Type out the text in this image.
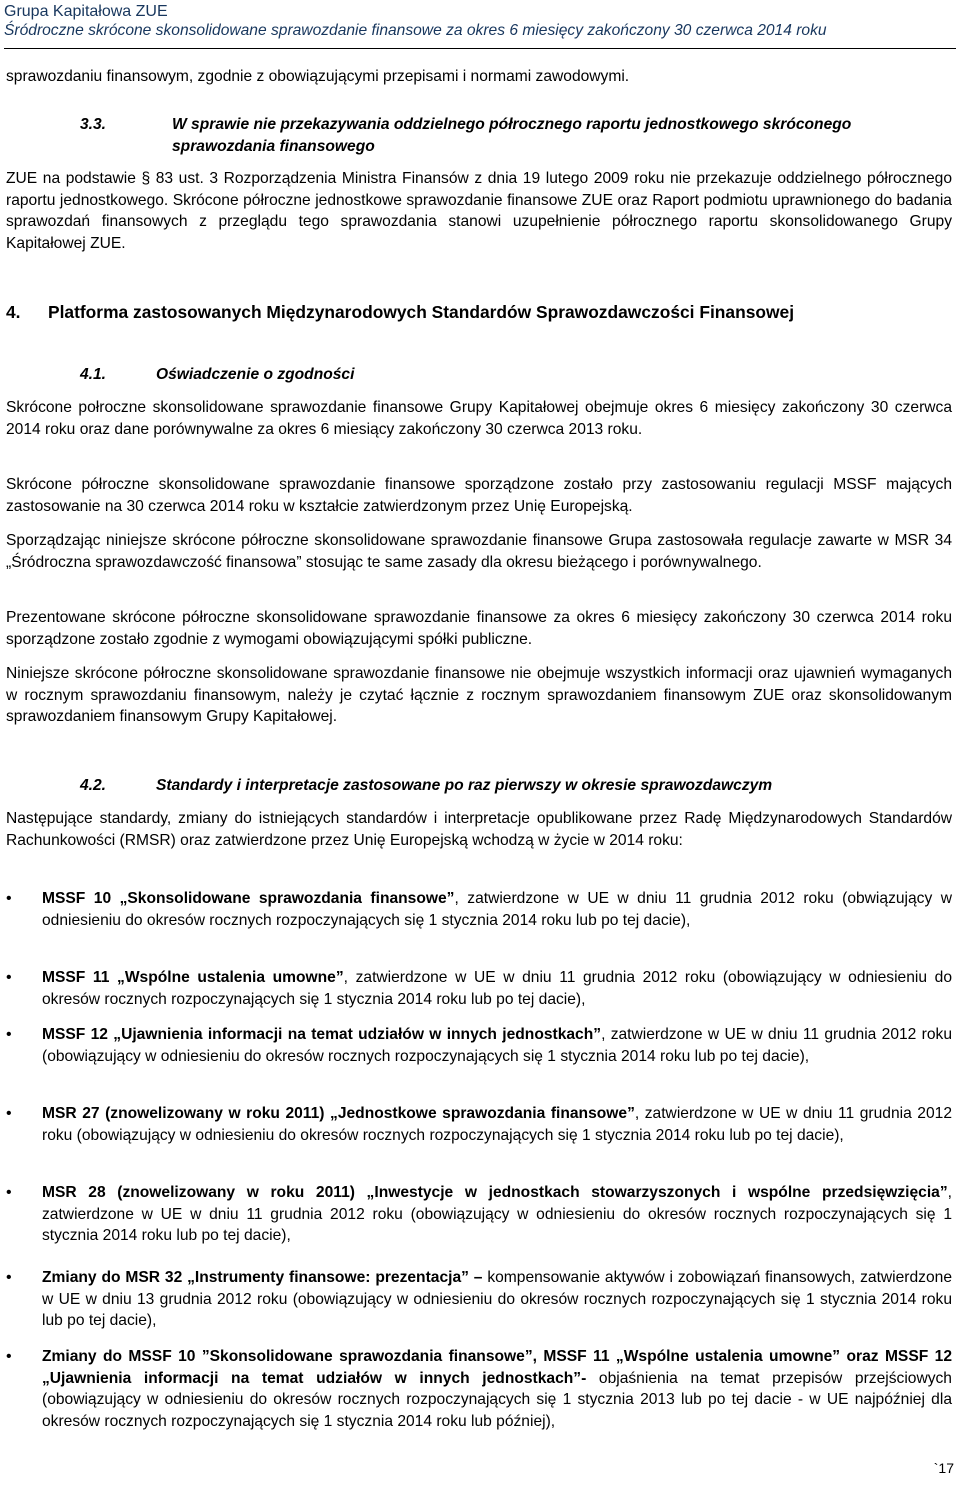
Grupa Kapitałowa ZUE
Śródroczne skrócone skonsolidowane sprawozdanie finansowe za okres 6 miesięcy zakończony 30 czerwca 2014 roku

sprawozdaniu finansowym, zgodnie z obowiązującymi przepisami i normami zawodowymi.

3.3.	W sprawie nie przekazywania oddzielnego półrocznego raportu jednostkowego skróconego sprawozdania finansowego

ZUE na podstawie § 83 ust. 3 Rozporządzenia Ministra Finansów z dnia 19 lutego 2009 roku nie przekazuje oddzielnego półrocznego raportu jednostkowego. Skrócone półroczne jednostkowe sprawozdanie finansowe ZUE oraz Raport podmiotu uprawnionego do badania sprawozdań finansowych z przeglądu tego sprawozdania stanowi uzupełnienie półrocznego raportu skonsolidowanego Grupy Kapitałowej ZUE.

4. Platforma zastosowanych Międzynarodowych Standardów Sprawozdawczości Finansowej
4.1.	Oświadczenie o zgodności

Skrócone połroczne skonsolidowane sprawozdanie finansowe Grupy Kapitałowej obejmuje okres 6 miesięcy zakończony 30 czerwca 2014 roku oraz dane porównywalne za okres 6 miesiący zakończony 30 czerwca 2013 roku.

Skrócone półroczne skonsolidowane sprawozdanie finansowe sporządzone zostało przy zastosowaniu regulacji MSSF mających zastosowanie na 30 czerwca 2014 roku w kształcie zatwierdzonym przez Unię Europejską.

Sporządzając niniejsze skrócone półroczne skonsolidowane sprawozdanie finansowe Grupa zastosowała regulacje zawarte w MSR 34 „Śródroczna sprawozdawczość finansowa” stosując te same zasady dla okresu bieżącego i porównywalnego.

Prezentowane skrócone półroczne skonsolidowane sprawozdanie finansowe za okres 6 miesięcy zakończony 30 czerwca 2014 roku sporządzone zostało zgodnie z wymogami obowiązującymi spółki publiczne.

Niniejsze skrócone półroczne skonsolidowane sprawozdanie finansowe nie obejmuje wszystkich informacji oraz ujawnień wymaganych w rocznym sprawozdaniu finansowym, należy je czytać łącznie z rocznym sprawozdaniem finansowym ZUE oraz skonsolidowanym sprawozdaniem finansowym Grupy Kapitałowej.

4.2.	Standardy i interpretacje zastosowane po raz pierwszy w okresie sprawozdawczym

Następujące standardy, zmiany do istniejących standardów i interpretacje opublikowane przez Radę Międzynarodowych Standardów Rachunkowości (RMSR) oraz zatwierdzone przez Unię Europejską wchodzą w życie w 2014 roku:

• MSSF 10 „Skonsolidowane sprawozdania finansowe”, zatwierdzone w UE w dniu 11 grudnia 2012 roku (obwiązujący w odniesieniu do okresów rocznych rozpoczynających się 1 stycznia 2014 roku lub po tej dacie),

• MSSF 11 „Wspólne ustalenia umowne”, zatwierdzone w UE w dniu 11 grudnia 2012 roku (obowiązujący w odniesieniu do okresów rocznych rozpoczynających się 1 stycznia 2014 roku lub po tej dacie),

• MSSF 12 „Ujawnienia informacji na temat udziałów w innych jednostkach”, zatwierdzone w UE w dniu 11 grudnia 2012 roku (obowiązujący w odniesieniu do okresów rocznych rozpoczynających się 1 stycznia 2014 roku lub po tej dacie),

• MSR 27 (znowelizowany w roku 2011) „Jednostkowe sprawozdania finansowe”, zatwierdzone w UE w dniu 11 grudnia 2012 roku (obowiązujący w odniesieniu do okresów rocznych rozpoczynających się 1 stycznia 2014 roku lub po tej dacie),

• MSR 28 (znowelizowany w roku 2011) „Inwestycje w jednostkach stowarzyszonych i wspólne przedsięwzięcia”, zatwierdzone w UE w dniu 11 grudnia 2012 roku (obowiązujący w odniesieniu do okresów rocznych rozpoczynających się 1 stycznia 2014 roku lub po tej dacie),

• Zmiany do MSR 32 „Instrumenty finansowe: prezentacja” – kompensowanie aktywów i zobowiązań finansowych, zatwierdzone w UE w dniu 13 grudnia 2012 roku (obowiązujący w odniesieniu do okresów rocznych rozpoczynających się 1 stycznia 2014 roku lub po tej dacie),

• Zmiany do MSSF 10 ”Skonsolidowane sprawozdania finansowe”, MSSF 11 „Wspólne ustalenia umowne” oraz MSSF 12 „Ujawnienia informacji na temat udziałów w innych jednostkach”- objaśnienia na temat przepisów przejściowych (obowiązujący w odniesieniu do okresów rocznych rozpoczynających się 1 stycznia 2013 lub po tej dacie - w UE najpóźniej dla okresów rocznych rozpoczynających się 1 stycznia 2014 roku lub później),

`17
